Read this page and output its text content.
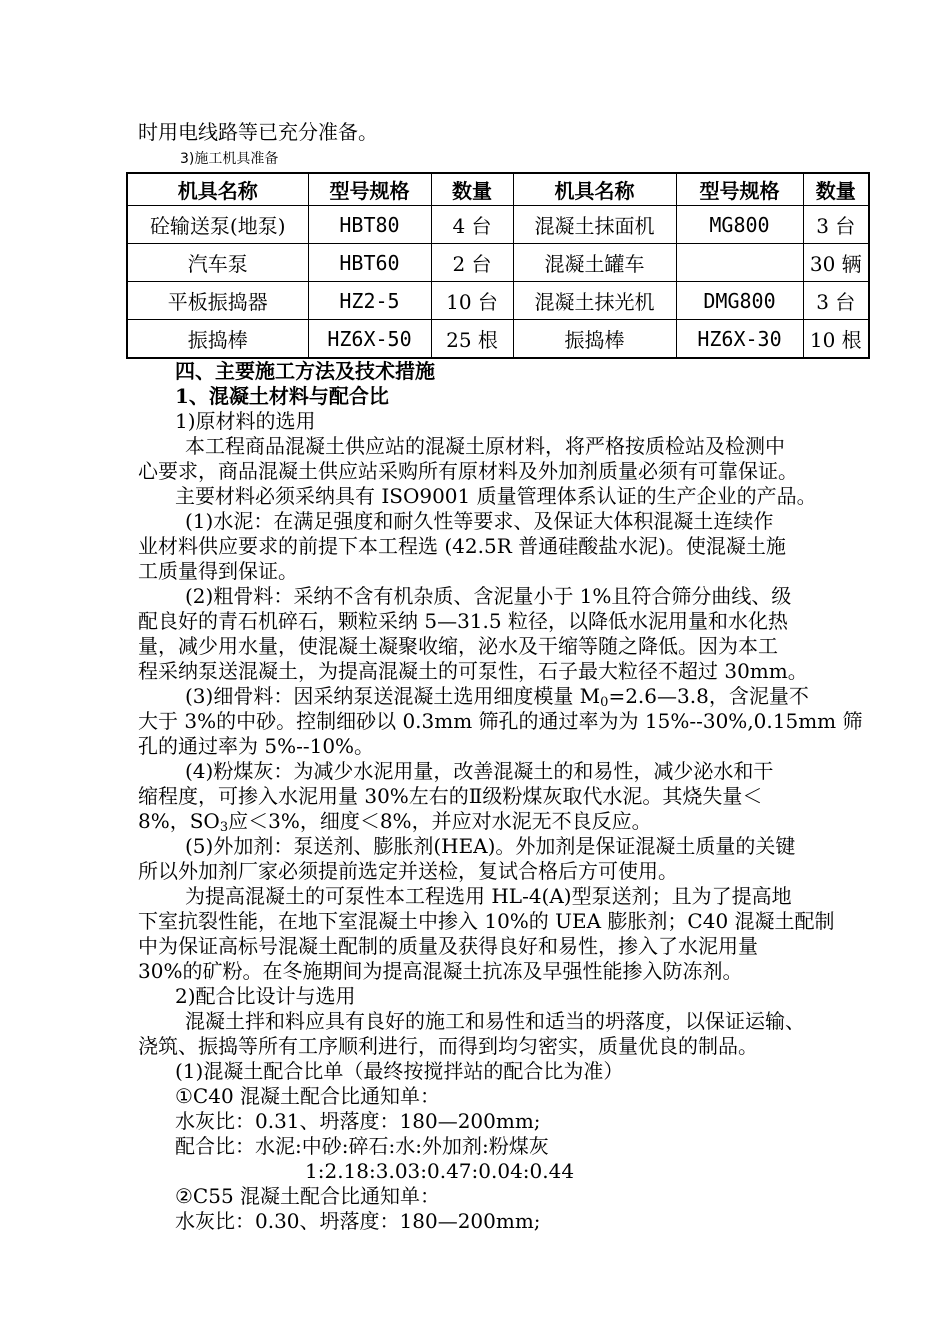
时用电线路等已充分准备。
3)施工机具准备
机具名称	型号规格	数量	机具名称	型号规格	数量
砼输送泵(地泵)	HBT80	4 台	混凝土抹面机	MG800	3 台
汽车泵	HBT60	2 台	混凝土罐车		30 辆
平板振捣器	HZ2-5	10 台	混凝土抹光机	DMG800	3 台
振捣棒	HZ6X-50	25 根	振捣棒	HZ6X-30	10 根
四、主要施工方法及技术措施
1、混凝土材料与配合比
1)原材料的选用
本工程商品混凝土供应站的混凝土原材料，将严格按质检站及检测中
心要求，商品混凝土供应站采购所有原材料及外加剂质量必须有可靠保证。
主要材料必须采纳具有 ISO9001 质量管理体系认证的生产企业的产品。
(1)水泥：在满足强度和耐久性等要求、及保证大体积混凝土连续作
业材料供应要求的前提下本工程选 (42.5R 普通硅酸盐水泥)。使混凝土施
工质量得到保证。
(2)粗骨料：采纳不含有机杂质、含泥量小于 1%且符合筛分曲线、级
配良好的青石机碎石，颗粒采纳 5—31.5 粒径，以降低水泥用量和水化热
量，减少用水量，使混凝土凝聚收缩，泌水及干缩等随之降低。因为本工
程采纳泵送混凝土，为提高混凝土的可泵性，石子最大粒径不超过 30mm。
(3)细骨料：因采纳泵送混凝土选用细度模量 $M_0=2.6—3.8$，含泥量不
大于 3%的中砂。控制细砂以 0.3mm 筛孔的通过率为为 15%--30%,0.15mm 筛
孔的通过率为 5%--10%。
(4)粉煤灰：为减少水泥用量，改善混凝土的和易性，减少泌水和干
缩程度，可掺入水泥用量 30%左右的Ⅱ级粉煤灰取代水泥。其烧失量＜
8%，$SO_3$应＜3%，细度＜8%，并应对水泥无不良反应。
(5)外加剂：泵送剂、膨胀剂(HEA)。外加剂是保证混凝土质量的关键
所以外加剂厂家必须提前选定并送检，复试合格后方可使用。
为提高混凝土的可泵性本工程选用 HL-4(A)型泵送剂；且为了提高地
下室抗裂性能，在地下室混凝土中掺入 10%的 UEA 膨胀剂；C40 混凝土配制
中为保证高标号混凝土配制的质量及获得良好和易性，掺入了水泥用量
30%的矿粉。在冬施期间为提高混凝土抗冻及早强性能掺入防冻剂。
2)配合比设计与选用
混凝土拌和料应具有良好的施工和易性和适当的坍落度，以保证运输、
浇筑、振捣等所有工序顺利进行，而得到均匀密实，质量优良的制品。
(1)混凝土配合比单（最终按搅拌站的配合比为准）
①C40 混凝土配合比通知单：
水灰比：0.31、坍落度：180—200mm;
配合比：水泥:中砂:碎石:水:外加剂:粉煤灰
1:2.18:3.03:0.47:0.04:0.44
②C55 混凝土配合比通知单：
水灰比：0.30、坍落度：180—200mm;
